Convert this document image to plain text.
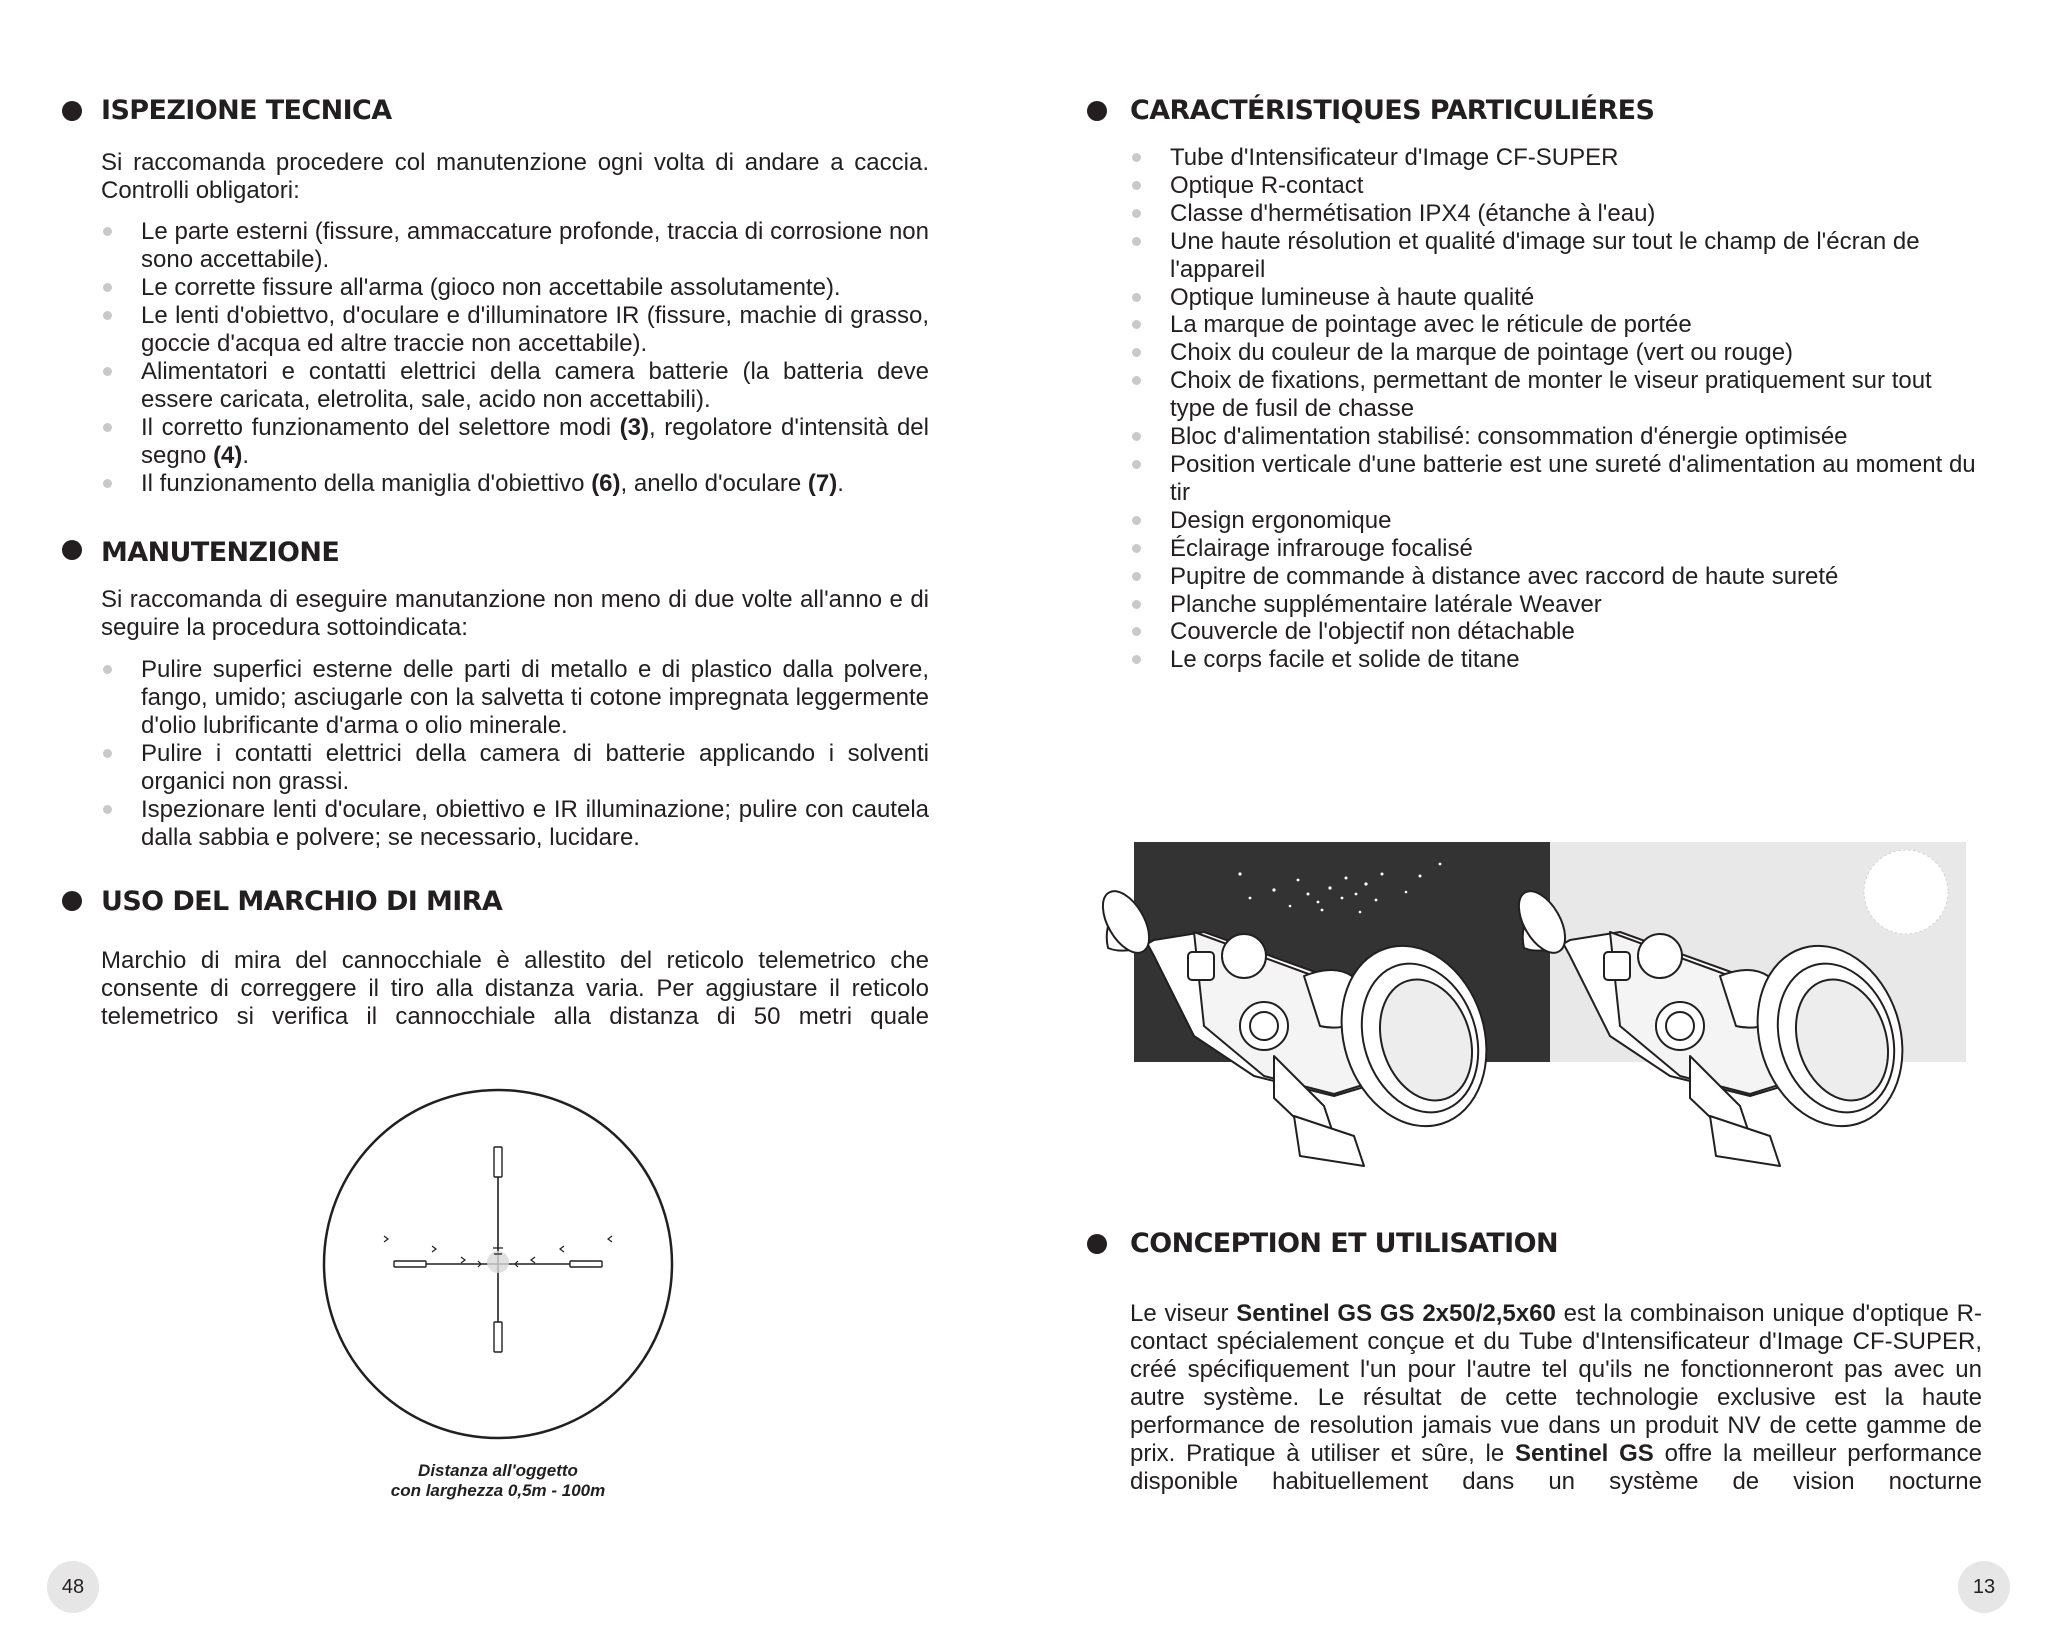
ISPEZIONE TECNICA

Si raccomanda procedere col manutenzione ogni volta di andare a caccia. Controlli obligatori:

Le parte esterni (fissure, ammaccature profonde, traccia di corrosione non sono accettabile).
Le corrette fissure all'arma (gioco non accettabile assolutamente).
Le lenti d'obiettvo, d'oculare e d'illuminatore IR (fissure, machie di grasso, goccie d'acqua ed altre traccie non accettabile).
Alimentatori e contatti elettrici della camera batterie (la batteria deve essere caricata, eletrolita, sale, acido non accettabili).
Il corretto funzionamento del selettore modi (3), regolatore d'intensità del segno (4).
Il funzionamento della maniglia d'obiettivo (6), anello d'oculare (7).
MANUTENZIONE

Si raccomanda di eseguire manutanzione non meno di due volte all'anno e di seguire la procedura sottoindicata:

Pulire superfici esterne delle parti di metallo e di plastico dalla polvere, fango, umido; asciugarle con la salvetta ti cotone impregnata leggermente d'olio lubrificante d'arma o olio minerale.
Pulire i contatti elettrici della camera di batterie applicando i solventi organici non grassi.
Ispezionare lenti d'oculare, obiettivo e IR illuminazione; pulire con cautela dalla sabbia e polvere; se necessario, lucidare.
USO DEL MARCHIO DI MIRA

Marchio di mira del cannocchiale è allestito del reticolo telemetrico che consente di correggere il tiro alla distanza varia. Per aggiustare il reticolo telemetrico si verifica il cannocchiale alla distanza di 50 metri quale

Distanza all'oggetto
con larghezza 0,5m - 100m
48
CARACTÉRISTIQUES PARTICULIÉRES
Tube d'Intensificateur d'Image CF-SUPER
Optique R-contact
Classe d'hermétisation IPX4 (étanche à l'eau)
Une haute résolution et qualité d'image sur tout le champ de l'écran de l'appareil
Optique lumineuse à haute qualité
La marque de pointage avec le réticule de portée
Choix du couleur de la marque de pointage (vert ou rouge)
Choix de fixations, permettant de monter le viseur pratiquement sur tout type de fusil de chasse
Bloc d'alimentation stabilisé: consommation d'énergie optimisée
Position verticale d'une batterie est une sureté d'alimentation au moment du tir
Design ergonomique
Éclairage infrarouge focalisé
Pupitre de commande à distance avec raccord de haute sureté
Planche supplémentaire latérale Weaver
Couvercle de l'objectif non détachable
Le corps facile et solide de titane
CONCEPTION ET UTILISATION

Le viseur Sentinel GS GS 2x50/2,5x60 est la combinaison unique d'optique R-contact spécialement conçue et du Tube d'Intensificateur d'Image CF-SUPER, créé spécifiquement l'un pour l'autre tel qu'ils ne fonctionneront pas avec un autre système. Le résultat de cette technologie exclusive est la haute performance de resolution jamais vue dans un produit NV de cette gamme de prix. Pratique à utiliser et sûre, le Sentinel GS offre la meilleur performance disponible habituellement dans un système de vision nocturne

13
